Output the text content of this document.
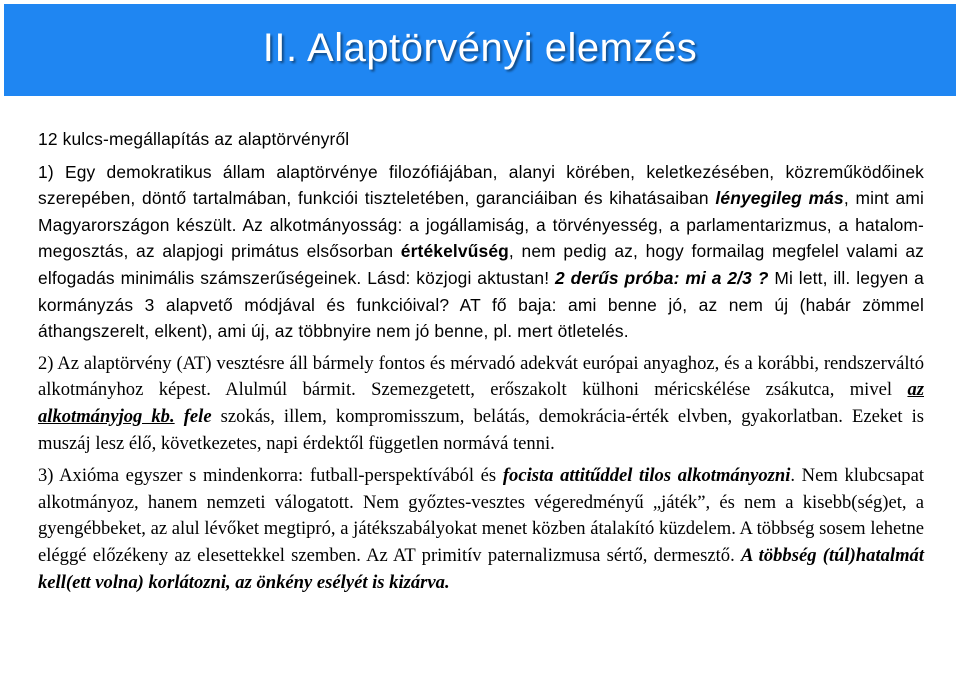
II. Alaptörvényi elemzés
12 kulcs-megállapítás az alaptörvényről
1) Egy demokratikus állam alaptörvénye filozófiájában, alanyi körében, keletkezésében, közreműködőinek szerepében, döntő tartalmában, funkciói tiszteletében, garanciáiban és kihatásaiban lényegileg más, mint ami Magyarországon készült. Az alkotmányosság: a jogállamiság, a törvényesség, a parlamentarizmus, a hatalom-megosztás, az alapjogi primátus elsősorban értékelvűség, nem pedig az, hogy formailag megfelel valami az elfogadás minimális számszerűségeinek. Lásd: közjogi aktustan! 2 derűs próba: mi a 2/3 ? Mi lett, ill. legyen a kormányzás 3 alapvető módjával és funkcióival? AT fő baja: ami benne jó, az nem új (habár zömmel áthangszerelt, elkent), ami új, az többnyire nem jó benne, pl. mert ötletelés.
2) Az alaptörvény (AT) vesztésre áll bármely fontos és mérvadó adekvát európai anyaghoz, és a korábbi, rendszerváltó alkotmányhoz képest. Alulmúl bármit. Szemezgetett, erőszakolt külhoni méricskélése zsákutca, mivel az alkotmányjog kb. fele szokás, illem, kompromisszum, belátás, demokrácia-érték elvben, gyakorlatban. Ezeket is muszáj lesz élő, következetes, napi érdektől független normává tenni.
3) Axióma egyszer s mindenkorra: futball-perspektívából és focista attitűddel tilos alkotmányozni. Nem klubcsapat alkotmányoz, hanem nemzeti válogatott. Nem győztes-vesztes végeredményű „játék”, és nem a kisebb(ség)et, a gyengébbeket, az alul lévőket megtipró, a játékszabályokat menet közben átalakító küzdelem. A többség sosem lehetne eléggé előzékeny az elesettekkel szemben. Az AT primitív paternalizmusa sértő, dermesztő. A többség (túl)hatalmát kell(ett volna) korlátozni, az önkény esélyét is kizárva.
